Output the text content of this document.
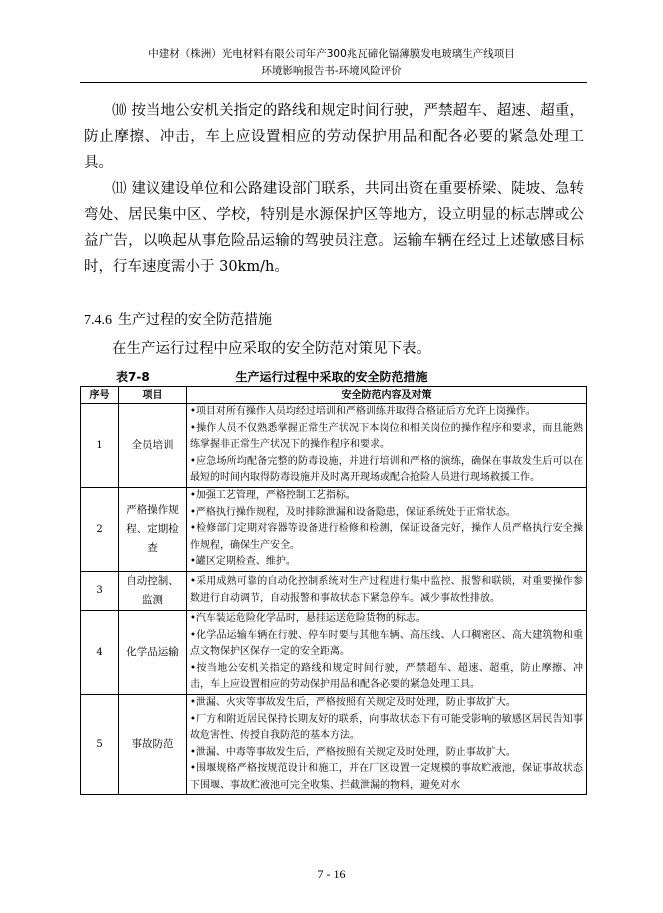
中建材（株洲）光电材料有限公司年产300兆瓦碲化镉薄膜发电玻璃生产线项目
环境影响报告书-环境风险评价

⑽ 按当地公安机关指定的路线和规定时间行驶，严禁超车、超速、超重，防止摩擦、冲击，车上应设置相应的劳动保护用品和配各必要的紧急处理工具。

⑾ 建议建设单位和公路建设部门联系，共同出资在重要桥梁、陡坡、急转弯处、居民集中区、学校，特别是水源保护区等地方，设立明显的标志牌或公益广告，以唤起从事危险品运输的驾驶员注意。运输车辆在经过上述敏感目标时，行车速度需小于 30km/h。

7.4.6 生产过程的安全防范措施
在生产运行过程中应采取的安全防范对策见下表。
表7-8	生产运行过程中采取的安全防范措施
序号	项目	安全防范内容及对策
1	全员培训	•项目对所有操作人员均经过培训和严格训练并取得合格证后方允许上岗操作。
•操作人员不仅熟悉掌握正常生产状况下本岗位和相关岗位的操作程序和要求，而且能熟练掌握非正常生产状况下的操作程序和要求。
•应急场所均配备完整的防毒设施，并进行培训和严格的演练，确保在事故发生后可以在最短的时间内取得防毒设施并及时离开现场或配合抢险人员进行现场救援工作。

2	严格操作规程、定期检查	•加强工艺管理，严格控制工艺指标。
•严格执行操作规程，及时排除泄漏和设备隐患，保证系统处于正常状态。
•检修部门定期对容器等设备进行检修和检测，保证设备完好，操作人员严格执行安全操作规程，确保生产安全。
•罐区定期检查、维护。

3	自动控制、监测	•采用成熟可靠的自动化控制系统对生产过程进行集中监控、报警和联锁，对重要操作参数进行自动调节，自动报警和事故状态下紧急停车。减少事故性排放。

4	化学品运输	•汽车装运危险化学品时，悬挂运送危险货物的标志。
•化学品运输车辆在行驶、停车时要与其他车辆、高压线、人口稠密区、高大建筑物和重点文物保护区保存一定的安全距离。
•按当地公安机关指定的路线和规定时间行驶，严禁超车、超速、超重，防止摩擦、冲击，车上应设置相应的劳动保护用品和配各必要的紧急处理工具。

5	事故防范	•泄漏、火灾等事故发生后，严格按照有关规定及时处理，防止事故扩大。
•厂方和附近居民保持长期友好的联系，向事故状态下有可能受影响的敏感区居民告知事故危害性、传授自我防范的基本方法。
•泄漏、中毒等事故发生后，严格按照有关规定及时处理，防止事故扩大。
•围堰规格严格按规范设计和施工，并在厂区设置一定规模的事故贮液池，保证事故状态下围堰、事故贮液池可完全收集、拦截泄漏的物料，避免对水
7 - 16
